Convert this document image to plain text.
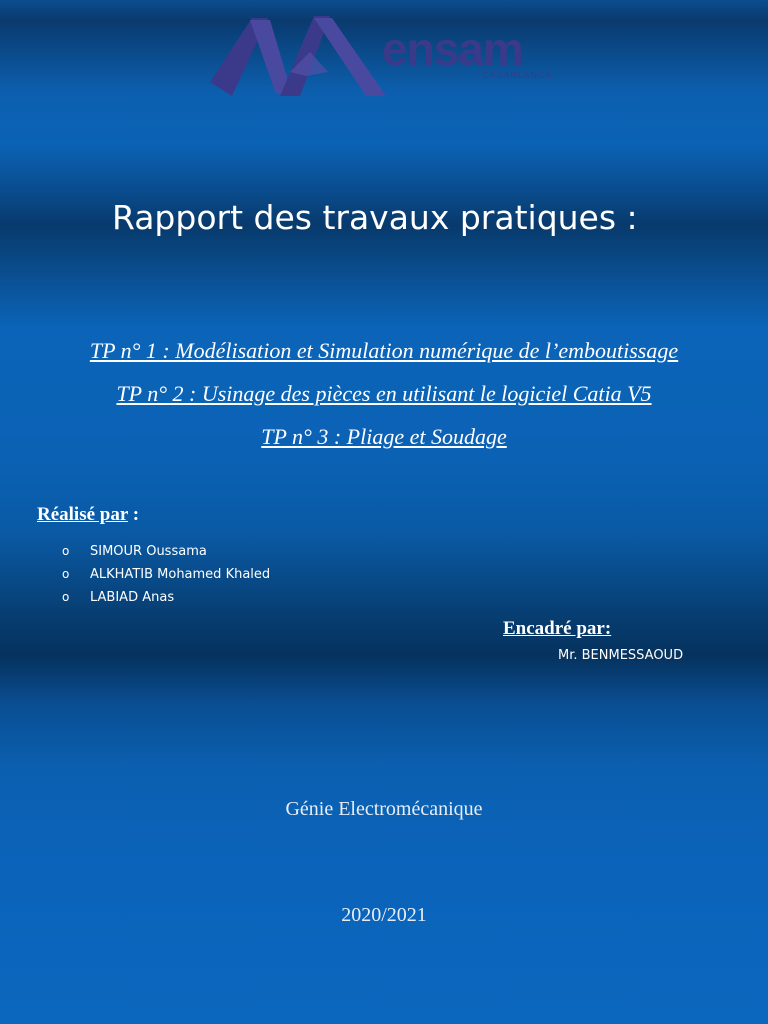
ensam
CASABLANCA
Rapport des travaux pratiques :
TP n° 1 : Modélisation et Simulation numérique de l’emboutissage
TP n° 2 : Usinage des pièces en utilisant le logiciel Catia V5
TP n° 3 : Pliage et Soudage
Réalisé par :
o SIMOUR Oussama
o ALKHATIB Mohamed Khaled
o LABIAD Anas
Encadré par:
Mr. BENMESSAOUD
Génie Electromécanique
2020/2021
